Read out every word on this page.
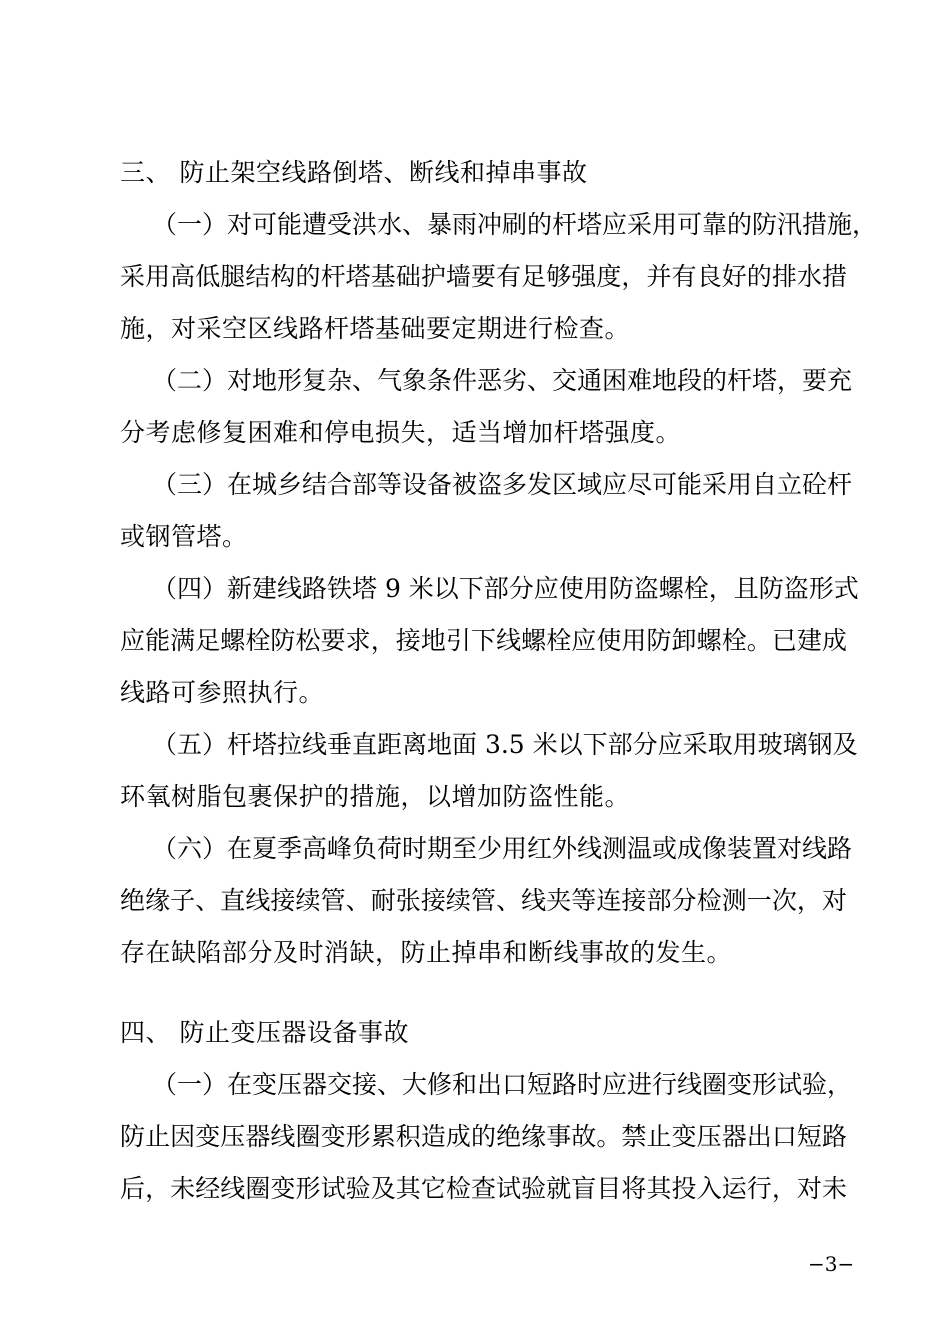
三、 防止架空线路倒塔、断线和掉串事故
（一）对可能遭受洪水、暴雨冲刷的杆塔应采用可靠的防汛措施，
采用高低腿结构的杆塔基础护墙要有足够强度，并有良好的排水措
施，对采空区线路杆塔基础要定期进行检查。
（二）对地形复杂、气象条件恶劣、交通困难地段的杆塔，要充
分考虑修复困难和停电损失，适当增加杆塔强度。
（三）在城乡结合部等设备被盗多发区域应尽可能采用自立砼杆
或钢管塔。
（四）新建线路铁塔 9 米以下部分应使用防盗螺栓，且防盗形式
应能满足螺栓防松要求，接地引下线螺栓应使用防卸螺栓。已建成
线路可参照执行。
（五）杆塔拉线垂直距离地面 3.5 米以下部分应采取用玻璃钢及
环氧树脂包裹保护的措施，以增加防盗性能。
（六）在夏季高峰负荷时期至少用红外线测温或成像装置对线路
绝缘子、直线接续管、耐张接续管、线夹等连接部分检测一次，对
存在缺陷部分及时消缺，防止掉串和断线事故的发生。
四、 防止变压器设备事故
（一）在变压器交接、大修和出口短路时应进行线圈变形试验，
防止因变压器线圈变形累积造成的绝缘事故。禁止变压器出口短路
后，未经线圈变形试验及其它检查试验就盲目将其投入运行，对未
−3−
